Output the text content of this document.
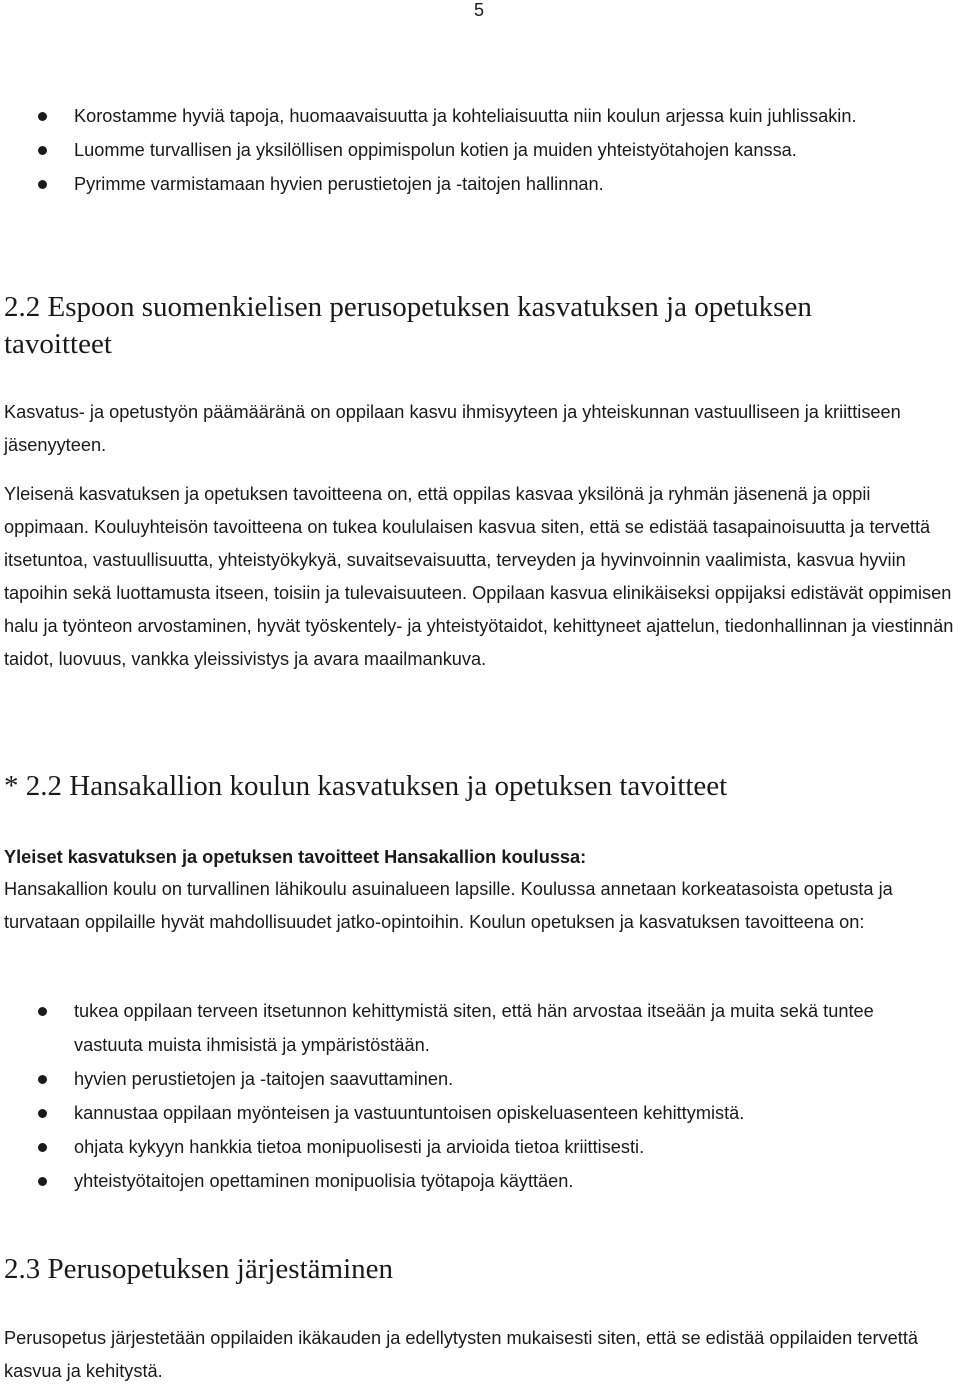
5
Korostamme hyviä tapoja, huomaavaisuutta ja kohteliaisuutta niin koulun arjessa kuin juhlissakin.
Luomme turvallisen ja yksilöllisen oppimispolun kotien ja muiden yhteistyötahojen kanssa.
Pyrimme varmistamaan hyvien perustietojen ja -taitojen hallinnan.
2.2 Espoon suomenkielisen perusopetuksen kasvatuksen ja opetuksen tavoitteet

Kasvatus- ja opetustyön päämääränä on oppilaan kasvu ihmisyyteen ja yhteiskunnan vastuulliseen ja kriittiseen jäsenyyteen.

Yleisenä kasvatuksen ja opetuksen tavoitteena on, että oppilas kasvaa yksilönä ja ryhmän jäsenenä ja oppii oppimaan. Kouluyhteisön tavoitteena on tukea koululaisen kasvua siten, että se edistää tasapainoisuutta ja tervettä itsetuntoa, vastuullisuutta, yhteistyökykyä, suvaitsevaisuutta, terveyden ja hyvinvoinnin vaalimista, kasvua hyviin tapoihin sekä luottamusta itseen, toisiin ja tulevaisuuteen. Oppilaan kasvua elinikäiseksi oppijaksi edistävät oppimisen halu ja työnteon arvostaminen, hyvät työskentely- ja yhteistyötaidot, kehittyneet ajattelun, tiedonhallinnan ja viestinnän taidot, luovuus, vankka yleissivistys ja avara maailmankuva.

* 2.2 Hansakallion koulun kasvatuksen ja opetuksen tavoitteet

Yleiset kasvatuksen ja opetuksen tavoitteet Hansakallion koulussa:

Hansakallion koulu on turvallinen lähikoulu asuinalueen lapsille. Koulussa annetaan korkeatasoista opetusta ja turvataan oppilaille hyvät mahdollisuudet jatko-opintoihin. Koulun opetuksen ja kasvatuksen tavoitteena on:

tukea oppilaan terveen itsetunnon kehittymistä siten, että hän arvostaa itseään ja muita sekä tuntee vastuuta muista ihmisistä ja ympäristöstään.
hyvien perustietojen ja -taitojen saavuttaminen.
kannustaa oppilaan myönteisen ja vastuuntuntoisen opiskeluasenteen kehittymistä.
ohjata kykyyn hankkia tietoa monipuolisesti ja arvioida tietoa kriittisesti.
yhteistyötaitojen opettaminen monipuolisia työtapoja käyttäen.
2.3 Perusopetuksen järjestäminen

Perusopetus järjestetään oppilaiden ikäkauden ja edellytysten mukaisesti siten, että se edistää oppilaiden tervettä kasvua ja kehitystä.
